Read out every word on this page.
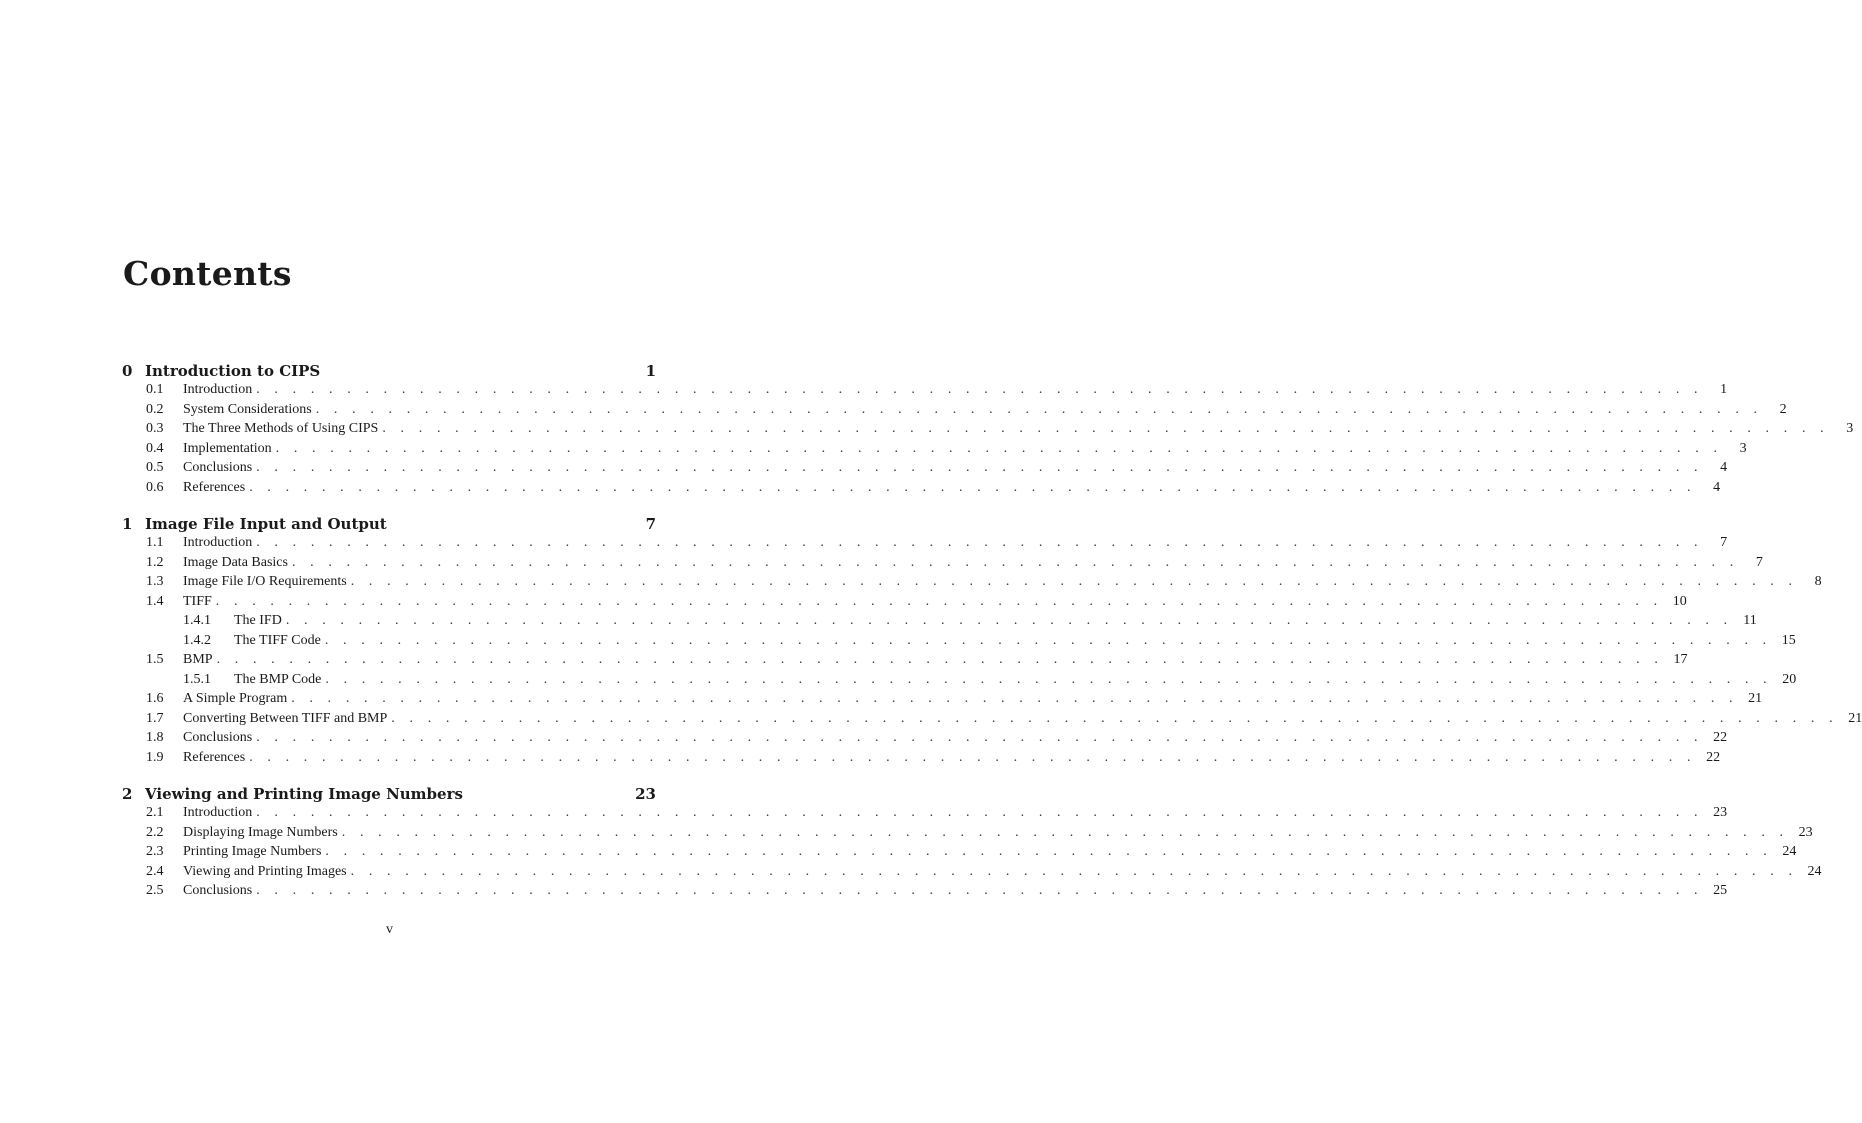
Contents
0 Introduction to CIPS	1
0.1	Introduction . . . . . . . . . . . . . . . . . . . . . . . . . . . . . . . . . . . . . . . . . . . . . . . . . . . . . . . . . . . . . . . . . . . . . . . . . . . . . . . .	1
0.2	System Considerations . . . . . . . . . . . . . . . . . . . . . . . . . . . . . . . . . . . . . . . . . . . . . . . . . . . . . . . . . . . . . . . . . . . . . . . . . . . . . . . .	2
0.3	The Three Methods of Using CIPS . . . . . . . . . . . . . . . . . . . . . . . . . . . . . . . . . . . . . . . . . . . . . . . . . . . . . . . . . . . . . . . . . . . . . . . . . . . . . . . .	3
0.4	Implementation . . . . . . . . . . . . . . . . . . . . . . . . . . . . . . . . . . . . . . . . . . . . . . . . . . . . . . . . . . . . . . . . . . . . . . . . . . . . . . . .	3
0.5	Conclusions . . . . . . . . . . . . . . . . . . . . . . . . . . . . . . . . . . . . . . . . . . . . . . . . . . . . . . . . . . . . . . . . . . . . . . . . . . . . . . . .	4
0.6	References . . . . . . . . . . . . . . . . . . . . . . . . . . . . . . . . . . . . . . . . . . . . . . . . . . . . . . . . . . . . . . . . . . . . . . . . . . . . . . . .	4
1 Image File Input and Output	7
1.1	Introduction . . . . . . . . . . . . . . . . . . . . . . . . . . . . . . . . . . . . . . . . . . . . . . . . . . . . . . . . . . . . . . . . . . . . . . . . . . . . . . . .	7
1.2	Image Data Basics . . . . . . . . . . . . . . . . . . . . . . . . . . . . . . . . . . . . . . . . . . . . . . . . . . . . . . . . . . . . . . . . . . . . . . . . . . . . . . . .	7
1.3	Image File I/O Requirements . . . . . . . . . . . . . . . . . . . . . . . . . . . . . . . . . . . . . . . . . . . . . . . . . . . . . . . . . . . . . . . . . . . . . . . . . . . . . . . .	8
1.4	TIFF . . . . . . . . . . . . . . . . . . . . . . . . . . . . . . . . . . . . . . . . . . . . . . . . . . . . . . . . . . . . . . . . . . . . . . . . . . . . . . . . 10
1.4.1	The IFD . . . . . . . . . . . . . . . . . . . . . . . . . . . . . . . . . . . . . . . . . . . . . . . . . . . . . . . . . . . . . . . . . . . . . . . . . . . . . . . . 11
1.4.2	The TIFF Code . . . . . . . . . . . . . . . . . . . . . . . . . . . . . . . . . . . . . . . . . . . . . . . . . . . . . . . . . . . . . . . . . . . . . . . . . . . . . . . . 15
1.5	BMP . . . . . . . . . . . . . . . . . . . . . . . . . . . . . . . . . . . . . . . . . . . . . . . . . . . . . . . . . . . . . . . . . . . . . . . . . . . . . . . . 17
1.5.1	The BMP Code . . . . . . . . . . . . . . . . . . . . . . . . . . . . . . . . . . . . . . . . . . . . . . . . . . . . . . . . . . . . . . . . . . . . . . . . . . . . . . . . 20
1.6	A Simple Program . . . . . . . . . . . . . . . . . . . . . . . . . . . . . . . . . . . . . . . . . . . . . . . . . . . . . . . . . . . . . . . . . . . . . . . . . . . . . . . . 21
1.7	Converting Between TIFF and BMP . . . . . . . . . . . . . . . . . . . . . . . . . . . . . . . . . . . . . . . . . . . . . . . . . . . . . . . . . . . . . . . . . . . . . . . . . . . . . . . . 21
1.8	Conclusions . . . . . . . . . . . . . . . . . . . . . . . . . . . . . . . . . . . . . . . . . . . . . . . . . . . . . . . . . . . . . . . . . . . . . . . . . . . . . . . . 22
1.9	References . . . . . . . . . . . . . . . . . . . . . . . . . . . . . . . . . . . . . . . . . . . . . . . . . . . . . . . . . . . . . . . . . . . . . . . . . . . . . . . . 22
2 Viewing and Printing Image Numbers	23
2.1	Introduction . . . . . . . . . . . . . . . . . . . . . . . . . . . . . . . . . . . . . . . . . . . . . . . . . . . . . . . . . . . . . . . . . . . . . . . . . . . . . . . . 23
2.2	Displaying Image Numbers . . . . . . . . . . . . . . . . . . . . . . . . . . . . . . . . . . . . . . . . . . . . . . . . . . . . . . . . . . . . . . . . . . . . . . . . . . . . . . . . 23
2.3	Printing Image Numbers . . . . . . . . . . . . . . . . . . . . . . . . . . . . . . . . . . . . . . . . . . . . . . . . . . . . . . . . . . . . . . . . . . . . . . . . . . . . . . . . 24
2.4	Viewing and Printing Images . . . . . . . . . . . . . . . . . . . . . . . . . . . . . . . . . . . . . . . . . . . . . . . . . . . . . . . . . . . . . . . . . . . . . . . . . . . . . . . . 24
2.5	Conclusions . . . . . . . . . . . . . . . . . . . . . . . . . . . . . . . . . . . . . . . . . . . . . . . . . . . . . . . . . . . . . . . . . . . . . . . . . . . . . . . . 25
v
